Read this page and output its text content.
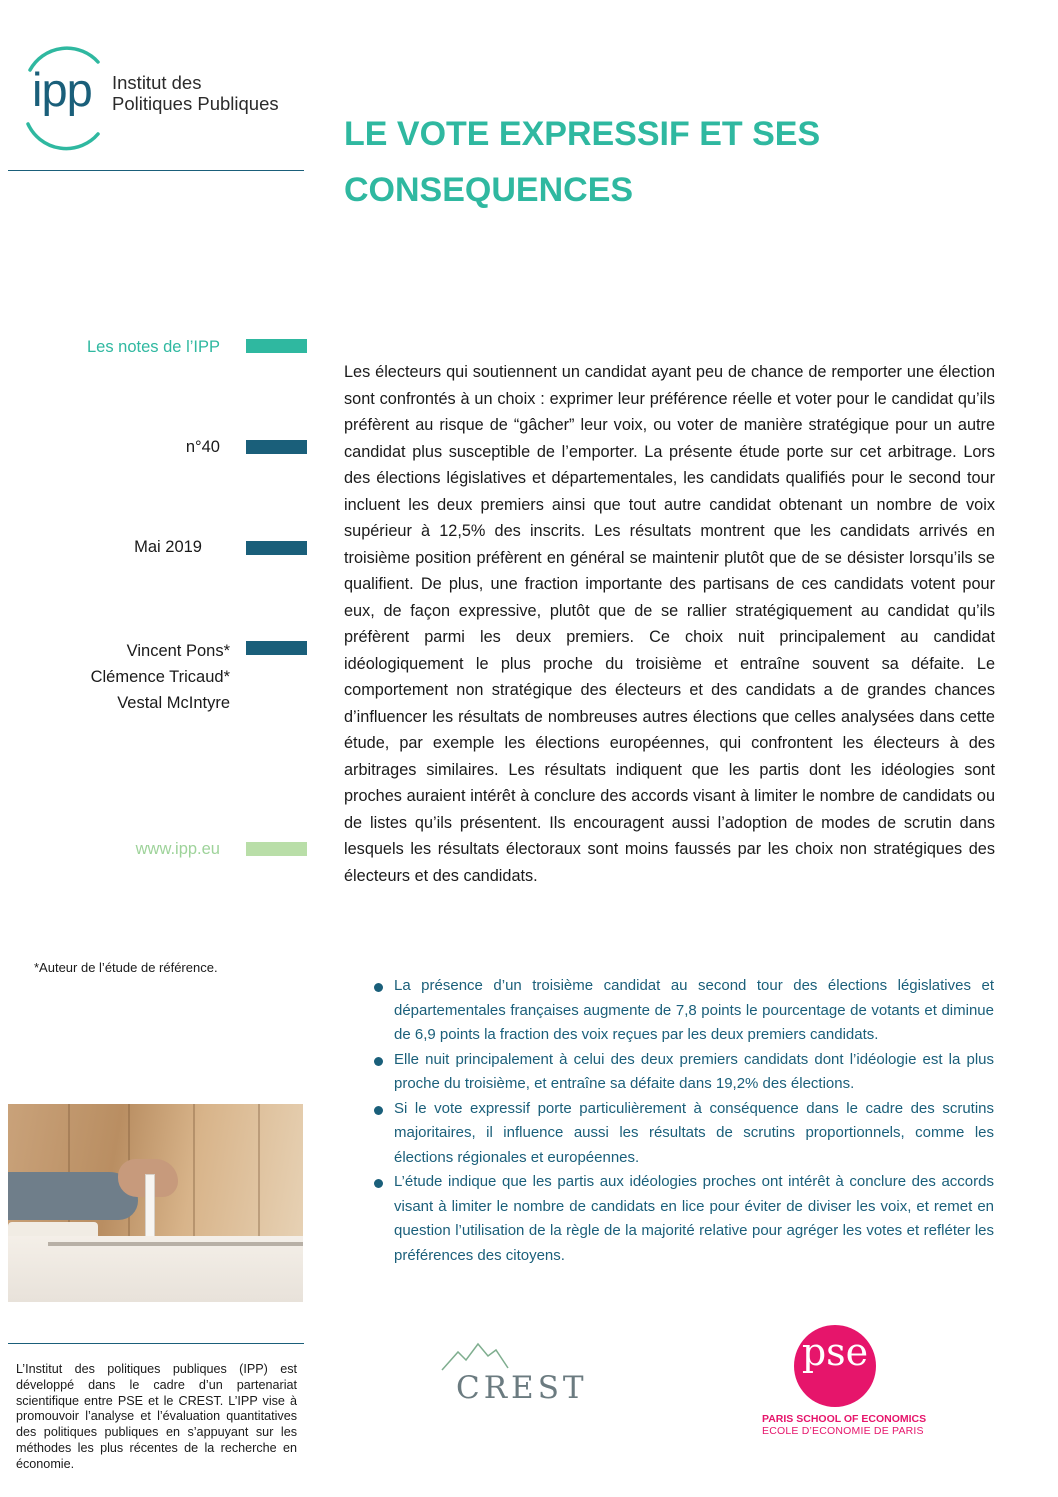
ipp Institut des
Politiques Publiques
LE VOTE EXPRESSIF ET SES
CONSEQUENCES
Les notes de l’IPP
n°40
Mai 2019
Vincent Pons*
Clémence Tricaud*
Vestal McIntyre
www.ipp.eu

Les électeurs qui soutiennent un candidat ayant peu de chance de remporter une élection sont confrontés à un choix : exprimer leur préférence réelle et voter pour le candidat qu’ils préfèrent au risque de “gâcher” leur voix, ou voter de manière stratégique pour un autre candidat plus susceptible de l’emporter. La présente étude porte sur cet arbitrage. Lors des élections législatives et départementales, les candidats qualifiés pour le second tour incluent les deux premiers ainsi que tout autre candidat obtenant un nombre de voix supérieur à 12,5% des inscrits. Les résultats montrent que les candidats arrivés en troisième position préfèrent en général se maintenir plutôt que de se désister lorsqu’ils se qualifient. De plus, une fraction importante des partisans de ces candidats votent pour eux, de façon expressive, plutôt que de se rallier stratégiquement au candidat qu’ils préfèrent parmi les deux premiers. Ce choix nuit principalement au candidat idéologiquement le plus proche du troisième et entraîne souvent sa défaite. Le comportement non stratégique des électeurs et des candidats a de grandes chances d’influencer les résultats de nombreuses autres élections que celles analysées dans cette étude, par exemple les élections européennes, qui confrontent les électeurs à des arbitrages similaires. Les résultats indiquent que les partis dont les idéologies sont proches auraient intérêt à conclure des accords visant à limiter le nombre de candidats ou de listes qu’ils présentent. Ils encouragent aussi l’adoption de modes de scrutin dans lesquels les résultats électoraux sont moins faussés par les choix non stratégiques des électeurs et des candidats.

*Auteur de l’étude de référence.
La présence d’un troisième candidat au second tour des élections législatives et départementales françaises augmente de 7,8 points le pourcentage de votants et diminue de 6,9 points la fraction des voix reçues par les deux premiers candidats.
Elle nuit principalement à celui des deux premiers candidats dont l’idéologie est la plus proche du troisième, et entraîne sa défaite dans 19,2% des élections.
Si le vote expressif porte particulièrement à conséquence dans le cadre des scrutins majoritaires, il influence aussi les résultats de scrutins proportionnels, comme les élections régionales et européennes.
L’étude indique que les partis aux idéologies proches ont intérêt à conclure des accords visant à limiter le nombre de candidats en lice pour éviter de diviser les voix, et remet en question l’utilisation de la règle de la majorité relative pour agréger les votes et refléter les préférences des citoyens.

L’Institut des politiques publiques (IPP) est développé dans le cadre d’un partenariat scientifique entre PSE et le CREST. L’IPP vise à promouvoir l’analyse et l’évaluation quantitatives des politiques publiques en s’appuyant sur les méthodes les plus récentes de la recherche en économie.

CREST
pse
PARIS SCHOOL OF ECONOMICS
ECOLE D’ECONOMIE DE PARIS
